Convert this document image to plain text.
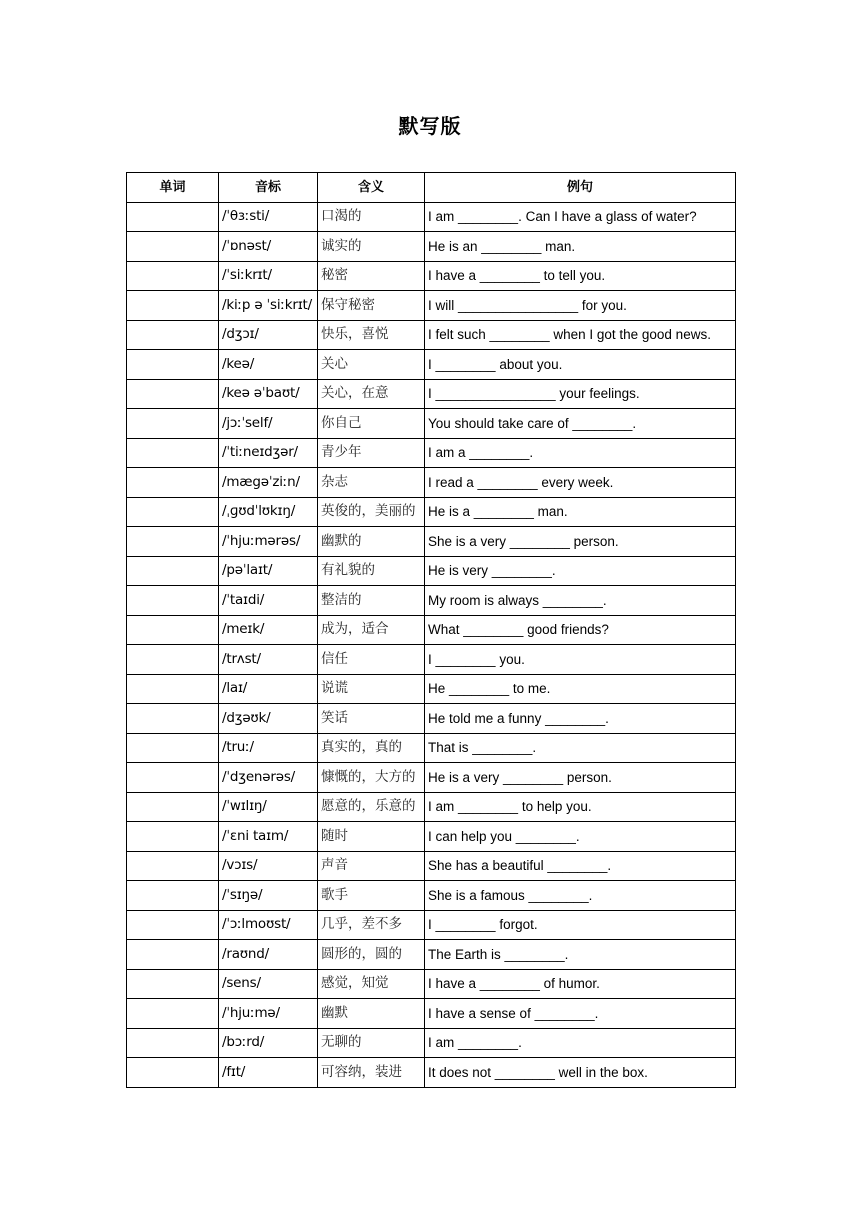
默写版
单词	音标	含义	例句
	/ˈθɜːsti/	口渴的	I am ________. Can I have a glass of water?
	/ˈɒnəst/	诚实的	He is an ________ man.
	/ˈsiːkrɪt/	秘密	I have a ________ to tell you.
	/kiːp ə ˈsiːkrɪt/	保守秘密	I will ________________ for you.
	/dʒɔɪ/	快乐，喜悦	I felt such ________ when I got the good news.
	/keə/	关心	I ________ about you.
	/keə əˈbaʊt/	关心，在意	I ________________ your feelings.
	/jɔːˈself/	你自己	You should take care of ________.
	/ˈtiːneɪdʒər/	青少年	I am a ________.
	/mægəˈziːn/	杂志	I read a ________ every week.
	/ˌɡʊdˈlʊkɪŋ/	英俊的，美丽的	He is a ________ man.
	/ˈhjuːmərəs/	幽默的	She is a very ________ person.
	/pəˈlaɪt/	有礼貌的	He is very ________.
	/ˈtaɪdi/	整洁的	My room is always ________.
	/meɪk/	成为，适合	What ________ good friends?
	/trʌst/	信任	I ________ you.
	/laɪ/	说谎	He ________ to me.
	/dʒəʊk/	笑话	He told me a funny ________.
	/truː/	真实的，真的	That is ________.
	/ˈdʒenərəs/	慷慨的，大方的	He is a very ________ person.
	/ˈwɪlɪŋ/	愿意的，乐意的	I am ________ to help you.
	/ˈɛni taɪm/	随时	I can help you ________.
	/vɔɪs/	声音	She has a beautiful ________.
	/ˈsɪŋə/	歌手	She is a famous ________.
	/ˈɔːlmoʊst/	几乎，差不多	I ________ forgot.
	/raʊnd/	圆形的，圆的	The Earth is ________.
	/sens/	感觉，知觉	I have a ________ of humor.
	/ˈhjuːmə/	幽默	I have a sense of ________.
	/bɔːrd/	无聊的	I am ________.
	/fɪt/	可容纳，装进	It does not ________ well in the box.
